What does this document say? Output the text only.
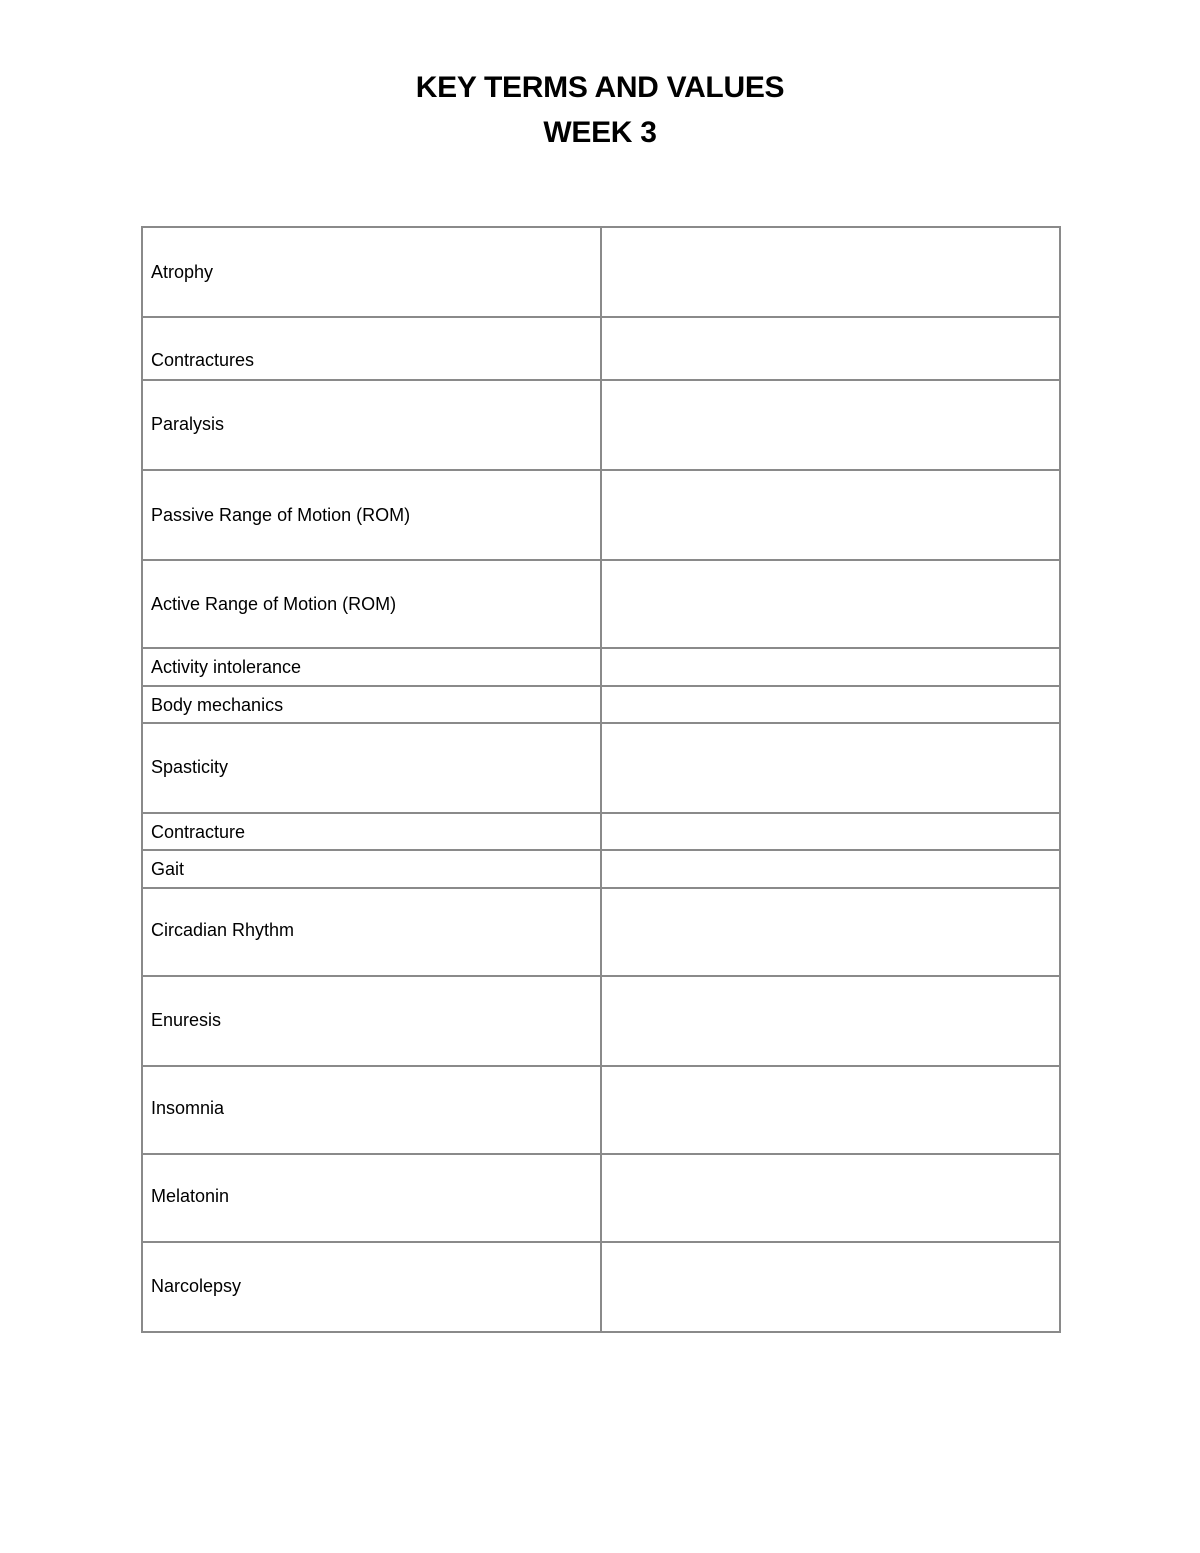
KEY TERMS AND VALUES
WEEK 3
Atrophy	
Contractures	
Paralysis	
Passive Range of Motion (ROM)	
Active Range of Motion (ROM)	
Activity intolerance	
Body mechanics	
Spasticity	
Contracture	
Gait	
Circadian Rhythm	
Enuresis	
Insomnia	
Melatonin	
Narcolepsy	
